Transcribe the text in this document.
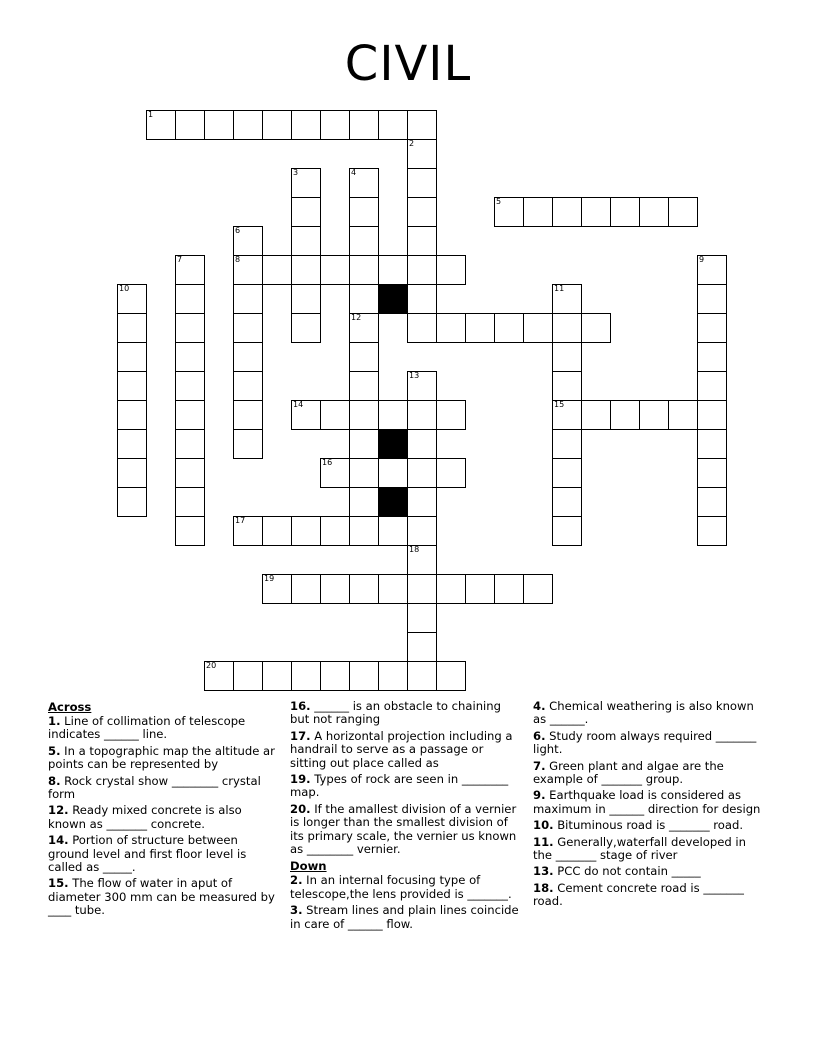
CIVIL
1
2
3	4
5
6
7	8	9
10	11
12
13
14	15
16
17
18
19
20
Across
1. Line of collimation of telescope indicates ______ line.
5. In a topographic map the altitude ar points can be represented by
8. Rock crystal show ________ crystal form
12. Ready mixed concrete is also known as _______ concrete.
14. Portion of structure between ground level and first floor level is called as _____.
15. The flow of water in aput of diameter 300 mm can be measured by ____ tube.
16. ______ is an obstacle to chaining but not ranging
17. A horizontal projection including a handrail to serve as a passage or sitting out place called as
19. Types of rock are seen in ________ map.
20. If the amallest division of a vernier is longer than the smallest division of its primary scale, the vernier us known as ________ vernier.
Down
2. In an internal focusing type of telescope,the lens provided is _______.
3. Stream lines and plain lines coincide in care of ______ flow.
4. Chemical weathering is also known as ______.
6. Study room always required _______ light.
7. Green plant and algae are the example of _______ group.
9. Earthquake load is considered as maximum in ______ direction for design
10. Bituminous road is _______ road.
11. Generally,waterfall developed in the _______ stage of river
13. PCC do not contain _____
18. Cement concrete road is _______ road.
